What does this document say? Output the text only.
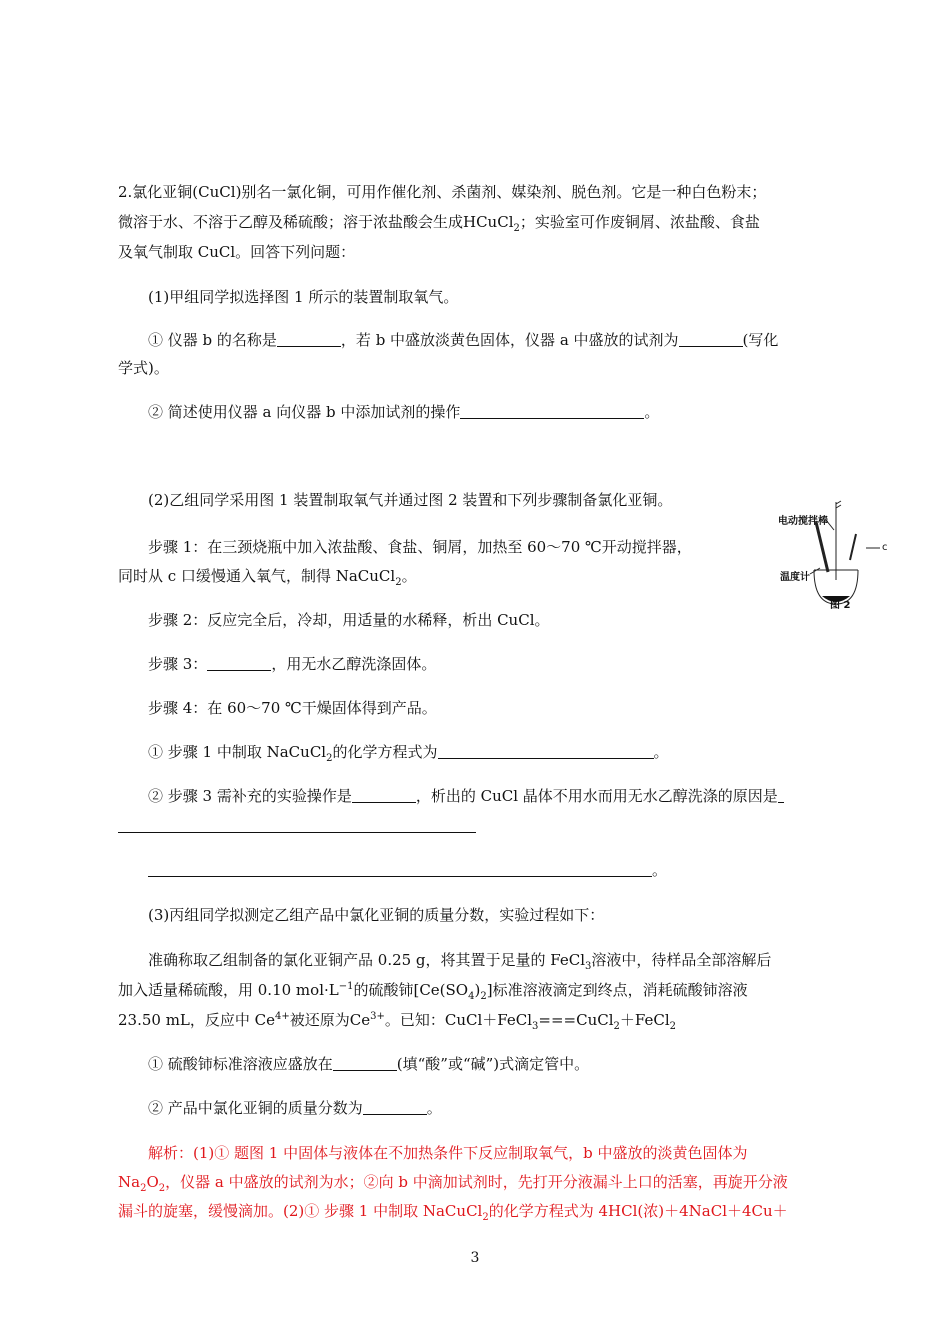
2.氯化亚铜(CuCl)别名一氯化铜，可用作催化剂、杀菌剂、媒染剂、脱色剂。它是一种白色粉末；
微溶于水、不溶于乙醇及稀硫酸；溶于浓盐酸会生成HCuCl$_2$；实验室可作废铜屑、浓盐酸、食盐
及氧气制取 CuCl。回答下列问题：
(1)甲组同学拟选择图 1 所示的装置制取氧气。
① 仪器 b 的名称是	，若 b 中盛放淡黄色固体，仪器 a 中盛放的试剂为	(写化
学式)。
② 简述使用仪器 a 向仪器 b 中添加试剂的操作	。
(2)乙组同学采用图 1 装置制取氧气并通过图 2 装置和下列步骤制备氯化亚铜。
步骤 1：在三颈烧瓶中加入浓盐酸、食盐、铜屑，加热至 60～70 ℃开动搅拌器，
同时从 c 口缓慢通入氧气，制得 NaCuCl$_2$。
步骤 2：反应完全后，冷却，用适量的水稀释，析出 CuCl。
步骤 3：	，用无水乙醇洗涤固体。
步骤 4：在 60～70 ℃干燥固体得到产品。
① 步骤 1 中制取 NaCuCl$_2$的化学方程式为	。
② 步骤 3 需补充的实验操作是	，析出的 CuCl 晶体不用水而用无水乙醇洗涤的原因是
。
(3)丙组同学拟测定乙组产品中氯化亚铜的质量分数，实验过程如下：
准确称取乙组制备的氯化亚铜产品 0.25 g，将其置于足量的 FeCl$_3$溶液中，待样品全部溶解后
加入适量稀硫酸，用 0.10 $mol\cdot L^{-1}$的硫酸铈$[Ce(SO_4)_2]$标准溶液滴定到终点，消耗硫酸铈溶液
23.50 mL，反应中 $Ce^{4+}$被还原为$Ce^{3+}$。已知：CuCl＋FeCl$_3$===CuCl$_2$＋FeCl$_2$
① 硫酸铈标准溶液应盛放在	(填“酸”或“碱”)式滴定管中。
② 产品中氯化亚铜的质量分数为	。
解析：(1)① 题图 1 中固体与液体在不加热条件下反应制取氧气，b 中盛放的淡黄色固体为
$Na_2O_2$，仪器 a 中盛放的试剂为水；②向 b 中滴加试剂时，先打开分液漏斗上口的活塞，再旋开分液
漏斗的旋塞，缓慢滴加。(2)① 步骤 1 中制取 NaCuCl$_2$的化学方程式为 4HCl(浓)＋4NaCl＋4Cu＋
电动搅拌棒
c
温度计
图 2
3
